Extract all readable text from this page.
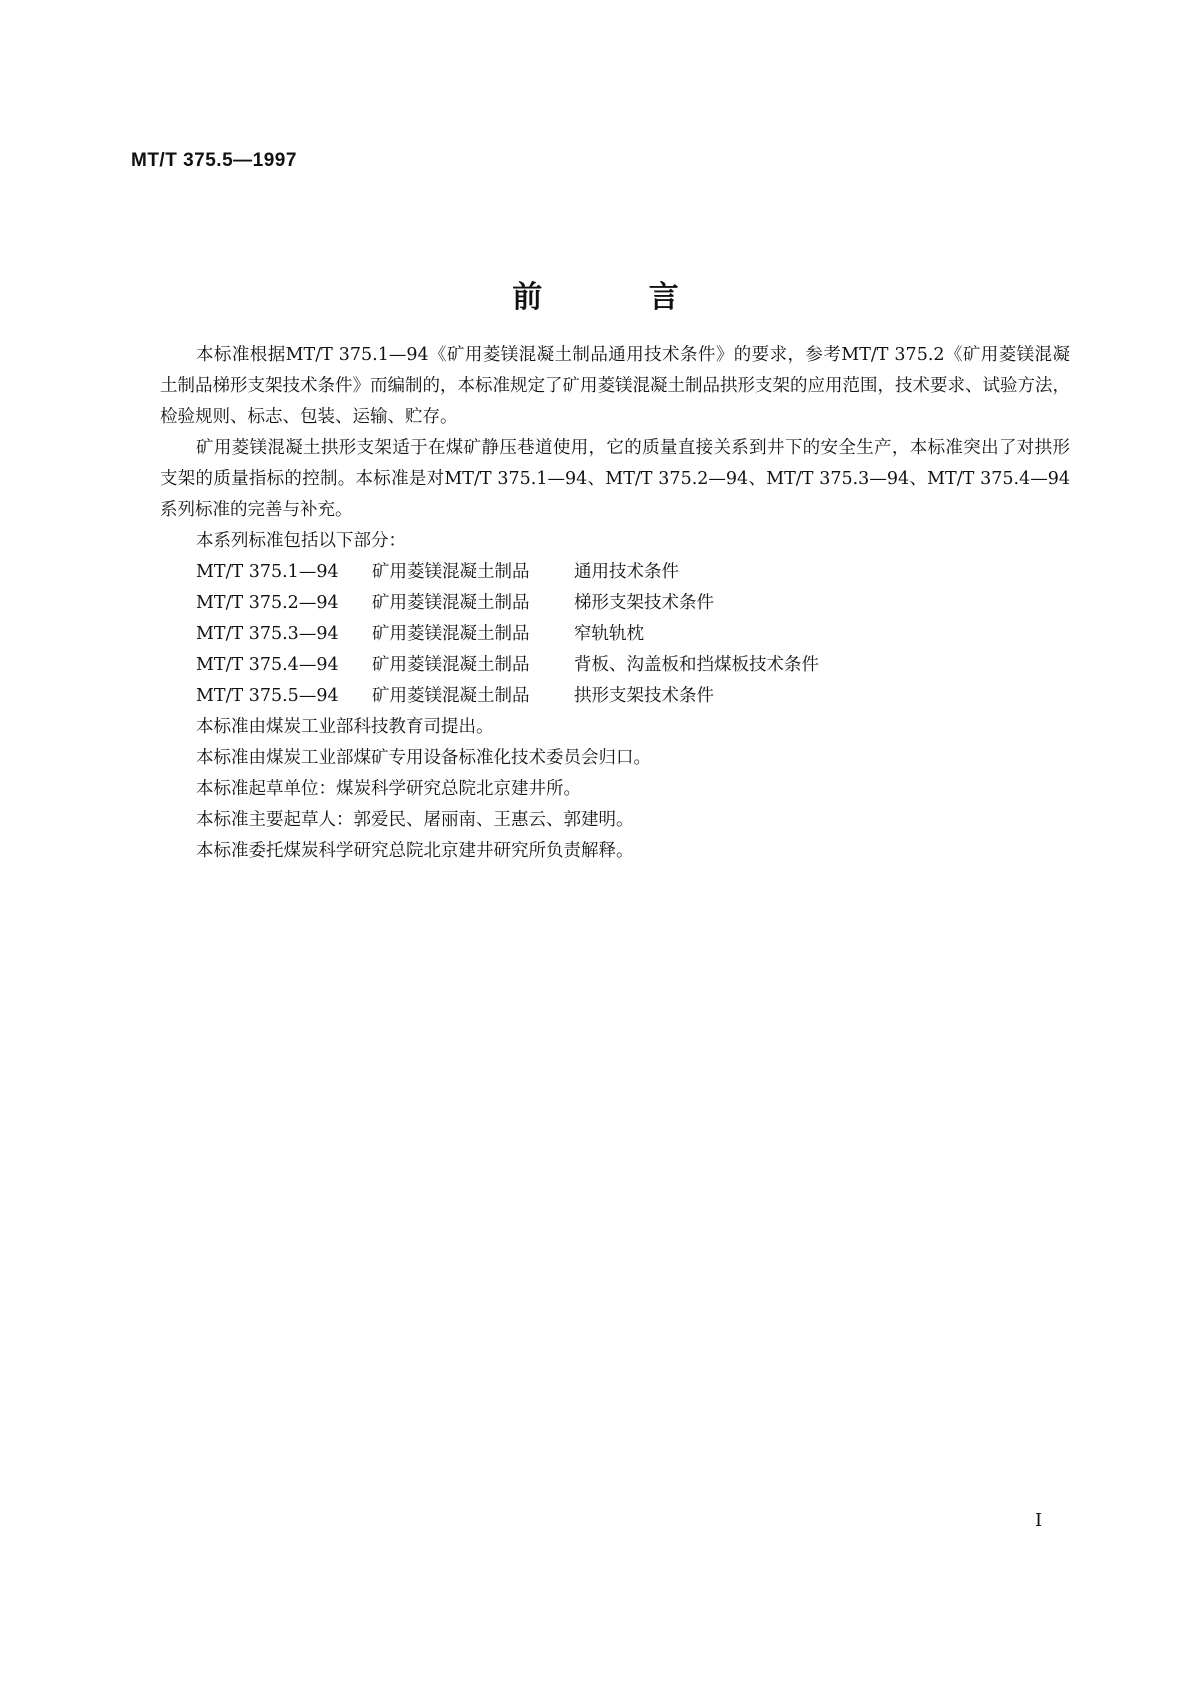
MT/T 375.5—1997
前 言

本标准根据MT/T 375.1—94《矿用菱镁混凝土制品通用技术条件》的要求，参考MT/T 375.2《矿用菱镁混凝土制品梯形支架技术条件》而编制的，本标准规定了矿用菱镁混凝土制品拱形支架的应用范围，技术要求、试验方法，检验规则、标志、包装、运输、贮存。

矿用菱镁混凝土拱形支架适于在煤矿静压巷道使用，它的质量直接关系到井下的安全生产，本标准突出了对拱形支架的质量指标的控制。本标准是对MT/T 375.1—94、MT/T 375.2—94、MT/T 375.3—94、MT/T 375.4—94系列标准的完善与补充。

本系列标准包括以下部分：

MT/T 375.1—94	矿用菱镁混凝土制品	通用技术条件
MT/T 375.2—94	矿用菱镁混凝土制品	梯形支架技术条件
MT/T 375.3—94	矿用菱镁混凝土制品	窄轨轨枕
MT/T 375.4—94	矿用菱镁混凝土制品	背板、沟盖板和挡煤板技术条件
MT/T 375.5—94	矿用菱镁混凝土制品	拱形支架技术条件

本标准由煤炭工业部科技教育司提出。

本标准由煤炭工业部煤矿专用设备标准化技术委员会归口。

本标准起草单位：煤炭科学研究总院北京建井所。

本标准主要起草人：郭爱民、屠丽南、王惠云、郭建明。

本标准委托煤炭科学研究总院北京建井研究所负责解释。

I
